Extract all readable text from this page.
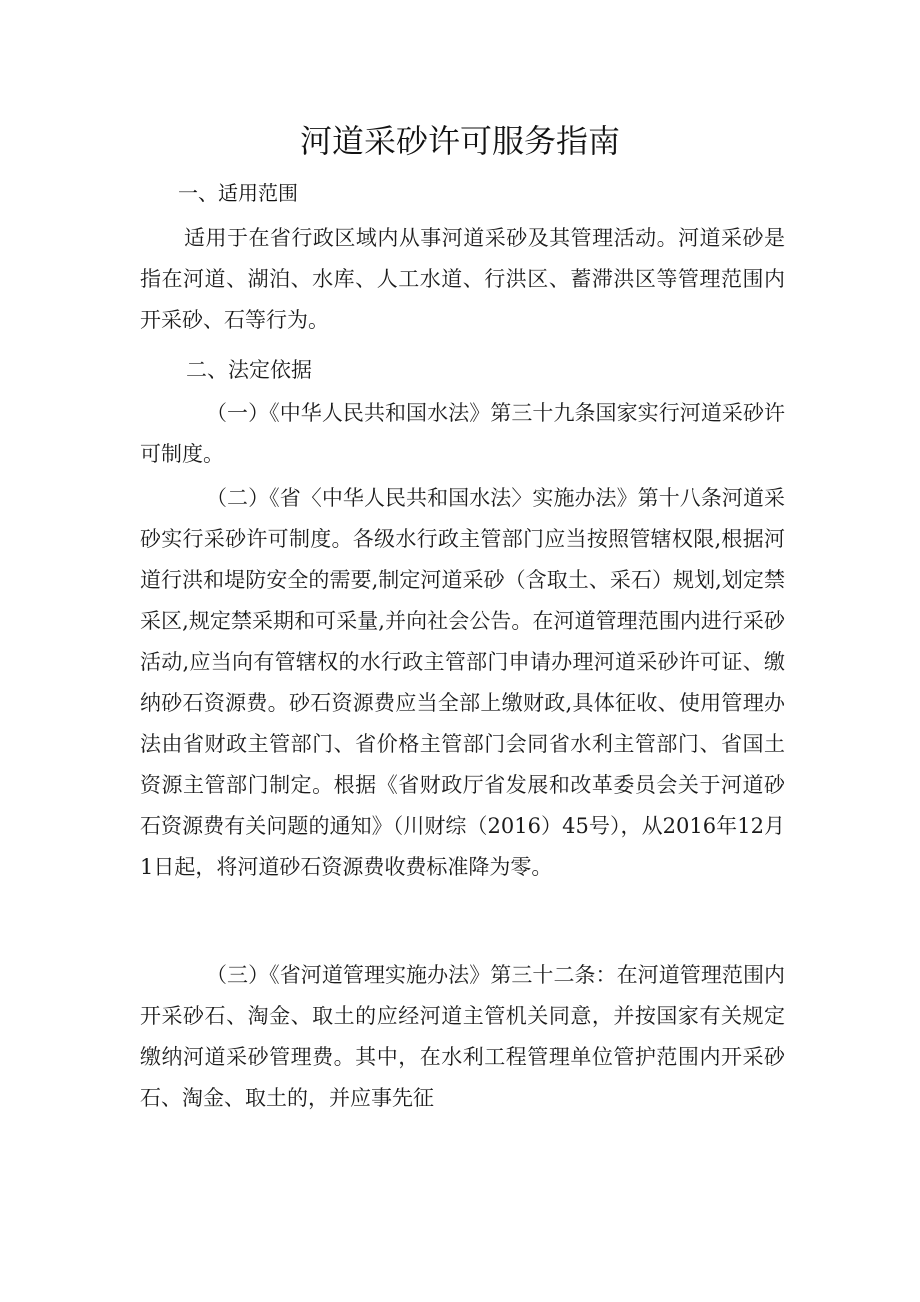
河道采砂许可服务指南
一、适用范围

适用于在省行政区域内从事河道采砂及其管理活动。河道采砂是指在河道、湖泊、水库、人工水道、行洪区、蓄滞洪区等管理范围内开采砂、石等行为。

二、法定依据

（一）《中华人民共和国水法》第三十九条国家实行河道采砂许可制度。

（二）《省〈中华人民共和国水法〉实施办法》第十八条河道采砂实行采砂许可制度。各级水行政主管部门应当按照管辖权限,根据河道行洪和堤防安全的需要,制定河道采砂（含取土、采石）规划,划定禁采区,规定禁采期和可采量,并向社会公告。在河道管理范围内进行采砂活动,应当向有管辖权的水行政主管部门申请办理河道采砂许可证、缴纳砂石资源费。砂石资源费应当全部上缴财政,具体征收、使用管理办法由省财政主管部门、省价格主管部门会同省水利主管部门、省国土资源主管部门制定。根据《省财政厅省发展和改革委员会关于河道砂石资源费有关问题的通知》（川财综（2016）45号），从2016年12月1日起，将河道砂石资源费收费标准降为零。

（三）《省河道管理实施办法》第三十二条：在河道管理范围内开采砂石、淘金、取土的应经河道主管机关同意，并按国家有关规定缴纳河道采砂管理费。其中，在水利工程管理单位管护范围内开采砂石、淘金、取土的，并应事先征
